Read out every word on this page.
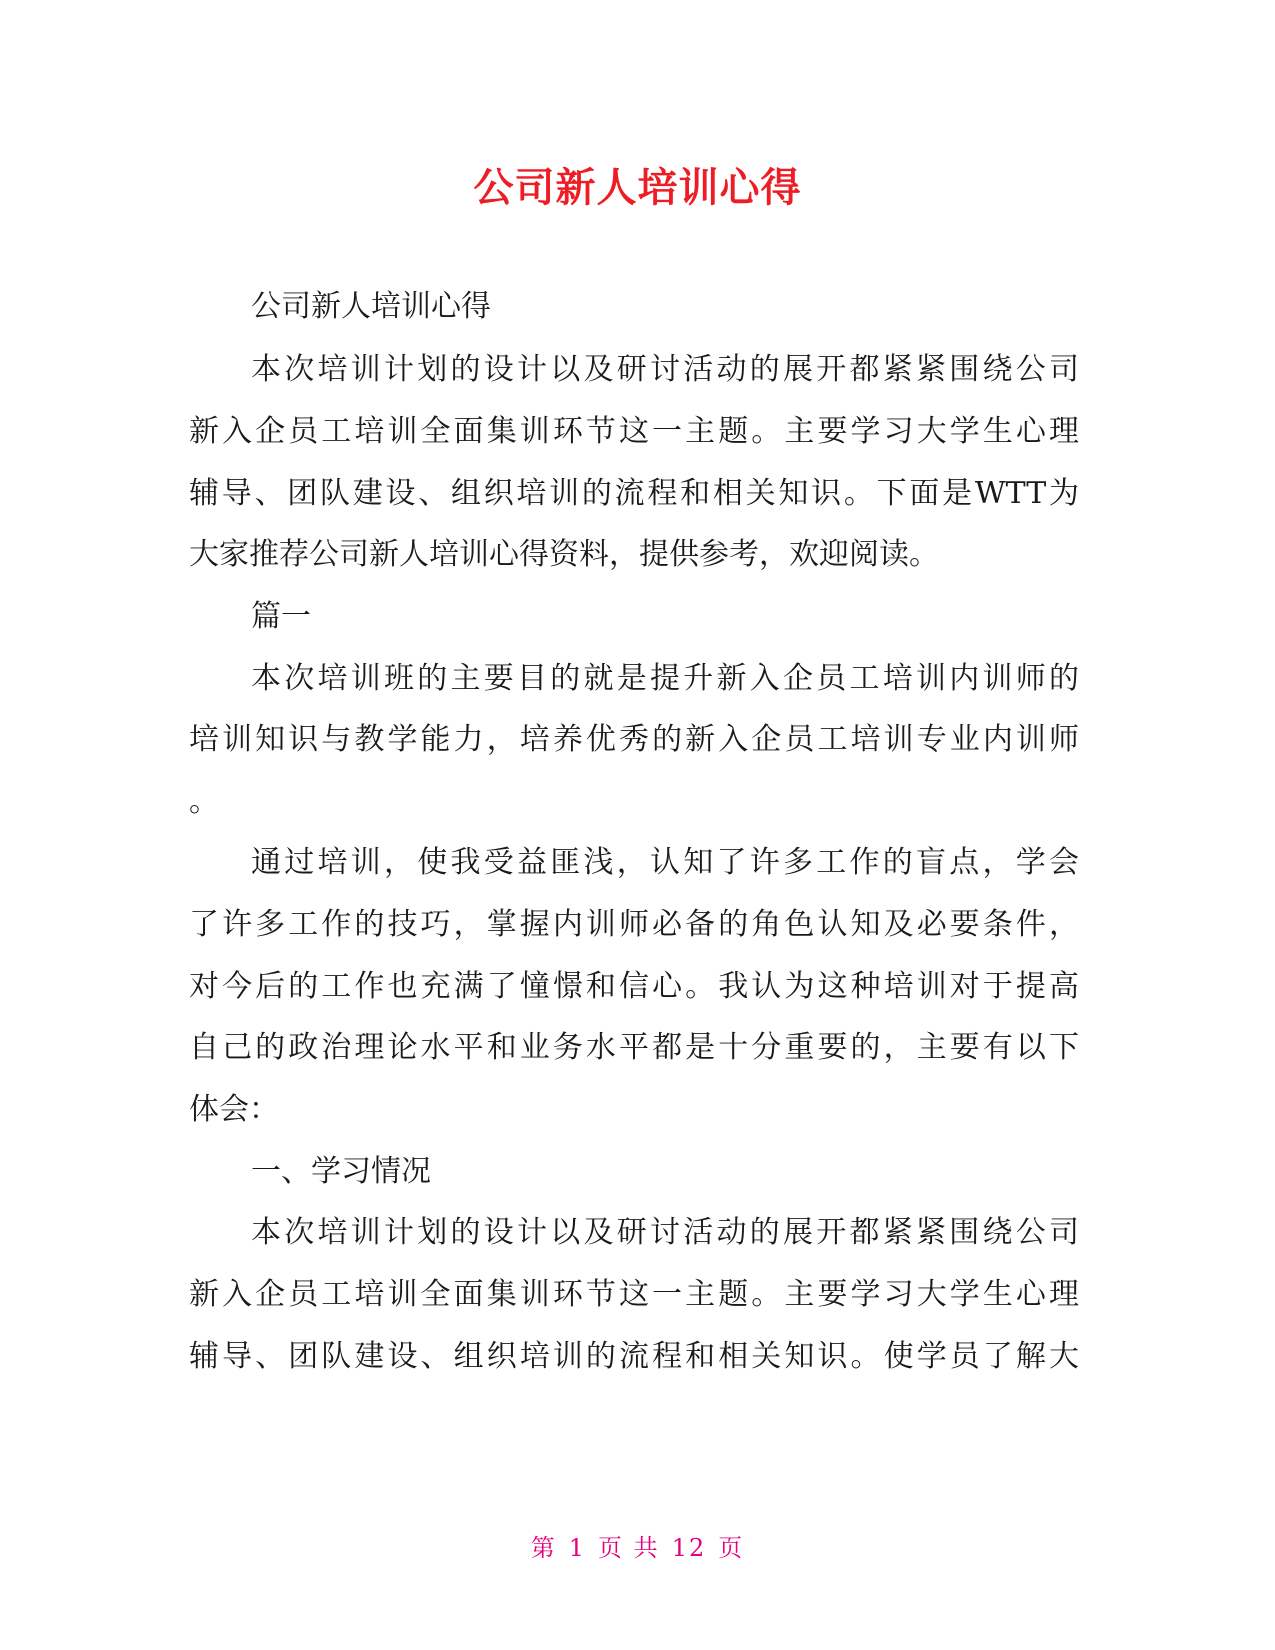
公司新人培训心得
公司新人培训心得
本次培训计划的设计以及研讨活动的展开都紧紧围绕公司
新入企员工培训全面集训环节这一主题。主要学习大学生心理
辅导、团队建设、组织培训的流程和相关知识。下面是WTT为
大家推荐公司新人培训心得资料，提供参考，欢迎阅读。
篇一
本次培训班的主要目的就是提升新入企员工培训内训师的
培训知识与教学能力，培养优秀的新入企员工培训专业内训师
。
通过培训，使我受益匪浅，认知了许多工作的盲点，学会
了许多工作的技巧，掌握内训师必备的角色认知及必要条件，
对今后的工作也充满了憧憬和信心。我认为这种培训对于提高
自己的政治理论水平和业务水平都是十分重要的，主要有以下
体会：
一、学习情况
本次培训计划的设计以及研讨活动的展开都紧紧围绕公司
新入企员工培训全面集训环节这一主题。主要学习大学生心理
辅导、团队建设、组织培训的流程和相关知识。使学员了解大
第 1 页 共 12 页
